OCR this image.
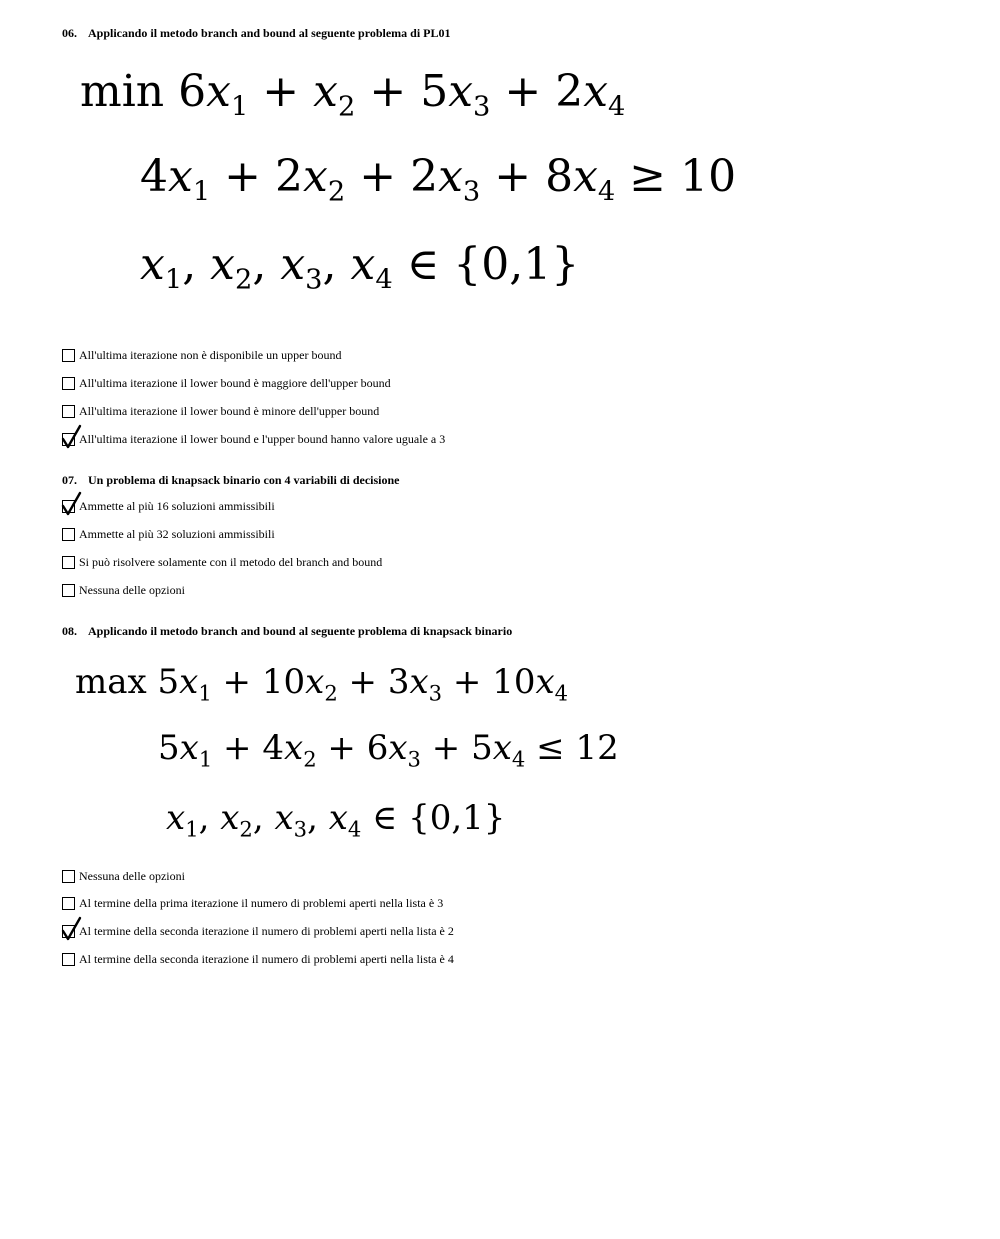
06. Applicando il metodo branch and bound al seguente problema di PL01
$\min 6x_1 + x_2 + 5x_3 + 2x_4$
$4x_1 + 2x_2 + 2x_3 + 8x_4 \ge 10$
$x_1$, $x_2$, $x_3$, $x_4$ ∈ {0,1}
All'ultima iterazione non è disponibile un upper bound
All'ultima iterazione il lower bound è maggiore dell'upper bound
All'ultima iterazione il lower bound è minore dell'upper bound
All'ultima iterazione il lower bound e l'upper bound hanno valore uguale a 3
07. Un problema di knapsack binario con 4 variabili di decisione
Ammette al più 16 soluzioni ammissibili
Ammette al più 32 soluzioni ammissibili
Si può risolvere solamente con il metodo del branch and bound
Nessuna delle opzioni
08. Applicando il metodo branch and bound al seguente problema di knapsack binario
$\max 5x_1 + 10x_2 + 3x_3 + 10x_4$
$5x_1 + 4x_2 + 6x_3 + 5x_4 \le 12$
$x_1$, $x_2$, $x_3$, $x_4$ ∈ {0,1}
Nessuna delle opzioni
Al termine della prima iterazione il numero di problemi aperti nella lista è 3
Al termine della seconda iterazione il numero di problemi aperti nella lista è 2
Al termine della seconda iterazione il numero di problemi aperti nella lista è 4
